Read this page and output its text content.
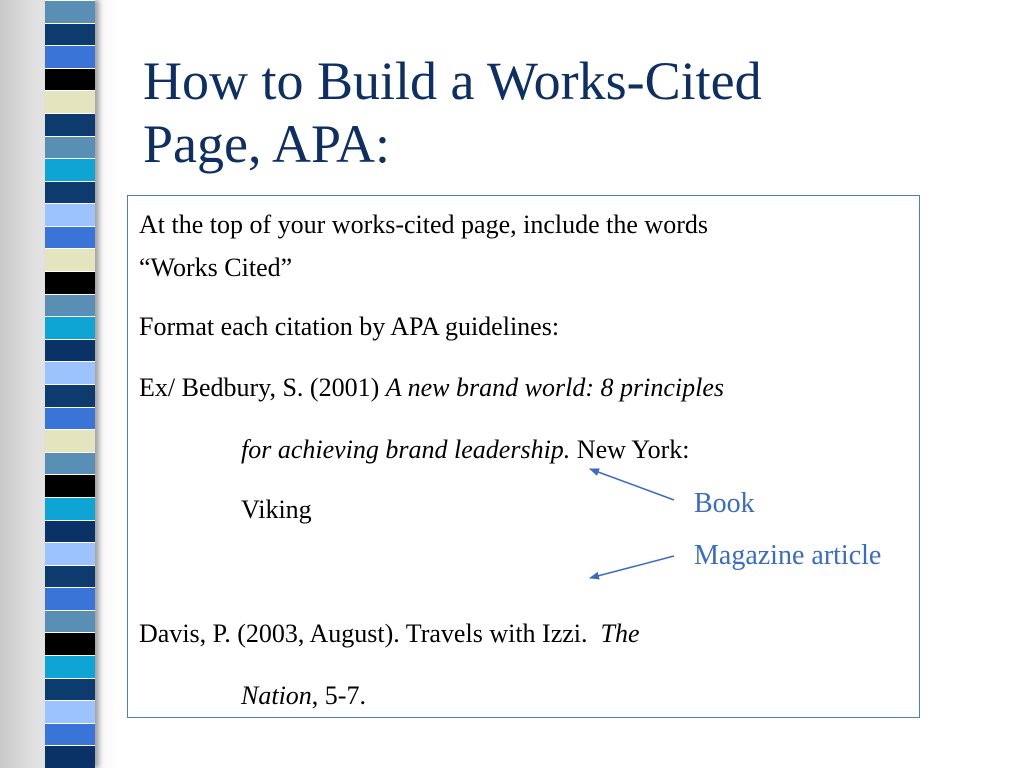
How to Build a Works-Cited
Page, APA:
At the top of your works-cited page, include the words
“Works Cited”
Format each citation by APA guidelines:
Ex/ Bedbury, S. (2001) A new brand world: 8 principles
for achieving brand leadership. New York:
Viking
Davis, P. (2003, August). Travels with Izzi.  The
Nation, 5-7.
Book
Magazine article
